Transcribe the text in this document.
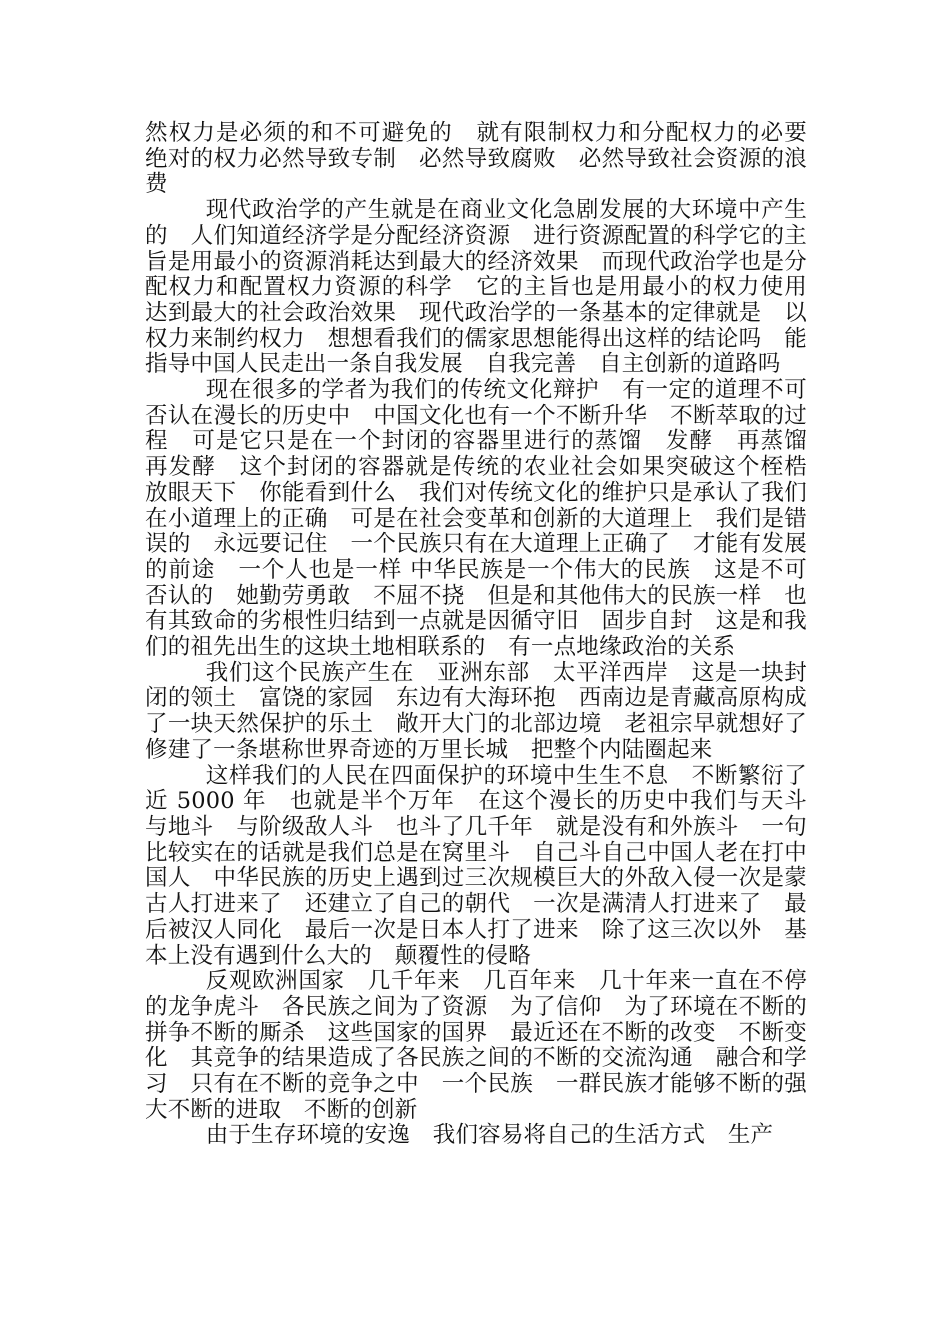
然权力是必须的和不可避免的　就有限制权力和分配权力的必要　绝对的权力必然导致专制　必然导致腐败　必然导致社会资源的浪费

现代政治学的产生就是在商业文化急剧发展的大环境中产生的　人们知道经济学是分配经济资源　进行资源配置的科学它的主旨是用最小的资源消耗达到最大的经济效果　而现代政治学也是分配权力和配置权力资源的科学　它的主旨也是用最小的权力使用　达到最大的社会政治效果　现代政治学的一条基本的定律就是　以权力来制约权力　想想看我们的儒家思想能得出这样的结论吗　能指导中国人民走出一条自我发展　自我完善　自主创新的道路吗

现在很多的学者为我们的传统文化辩护　有一定的道理不可否认在漫长的历史中　中国文化也有一个不断升华　不断萃取的过程　可是它只是在一个封闭的容器里进行的蒸馏　发酵　再蒸馏　再发酵　这个封闭的容器就是传统的农业社会如果突破这个桎梏　放眼天下　你能看到什么　我们对传统文化的维护只是承认了我们在小道理上的正确　可是在社会变革和创新的大道理上　我们是错误的　永远要记住　一个民族只有在大道理上正确了　才能有发展的前途　一个人也是一样 中华民族是一个伟大的民族　这是不可否认的　她勤劳勇敢　不屈不挠　但是和其他伟大的民族一样　也有其致命的劣根性归结到一点就是因循守旧　固步自封　这是和我们的祖先出生的这块土地相联系的　有一点地缘政治的关系

我们这个民族产生在　亚洲东部　太平洋西岸　这是一块封闭的领土　富饶的家园　东边有大海环抱　西南边是青藏高原构成了一块天然保护的乐土　敞开大门的北部边境　老祖宗早就想好了　修建了一条堪称世界奇迹的万里长城　把整个内陆圈起来

这样我们的人民在四面保护的环境中生生不息　不断繁衍了近 5000 年　也就是半个万年　在这个漫长的历史中我们与天斗　与地斗　与阶级敌人斗　也斗了几千年　就是没有和外族斗　一句比较实在的话就是我们总是在窝里斗　自己斗自己中国人老在打中国人　中华民族的历史上遇到过三次规模巨大的外敌入侵一次是蒙古人打进来了　还建立了自己的朝代　一次是满清人打进来了　最后被汉人同化　最后一次是日本人打了进来　除了这三次以外　基本上没有遇到什么大的　颠覆性的侵略

反观欧洲国家　几千年来　几百年来　几十年来一直在不停的龙争虎斗　各民族之间为了资源　为了信仰　为了环境在不断的拼争不断的厮杀　这些国家的国界　最近还在不断的改变　不断变化　其竞争的结果造成了各民族之间的不断的交流沟通　融合和学习　只有在不断的竞争之中　一个民族　一群民族才能够不断的强大不断的进取　不断的创新

由于生存环境的安逸　我们容易将自己的生活方式　生产
